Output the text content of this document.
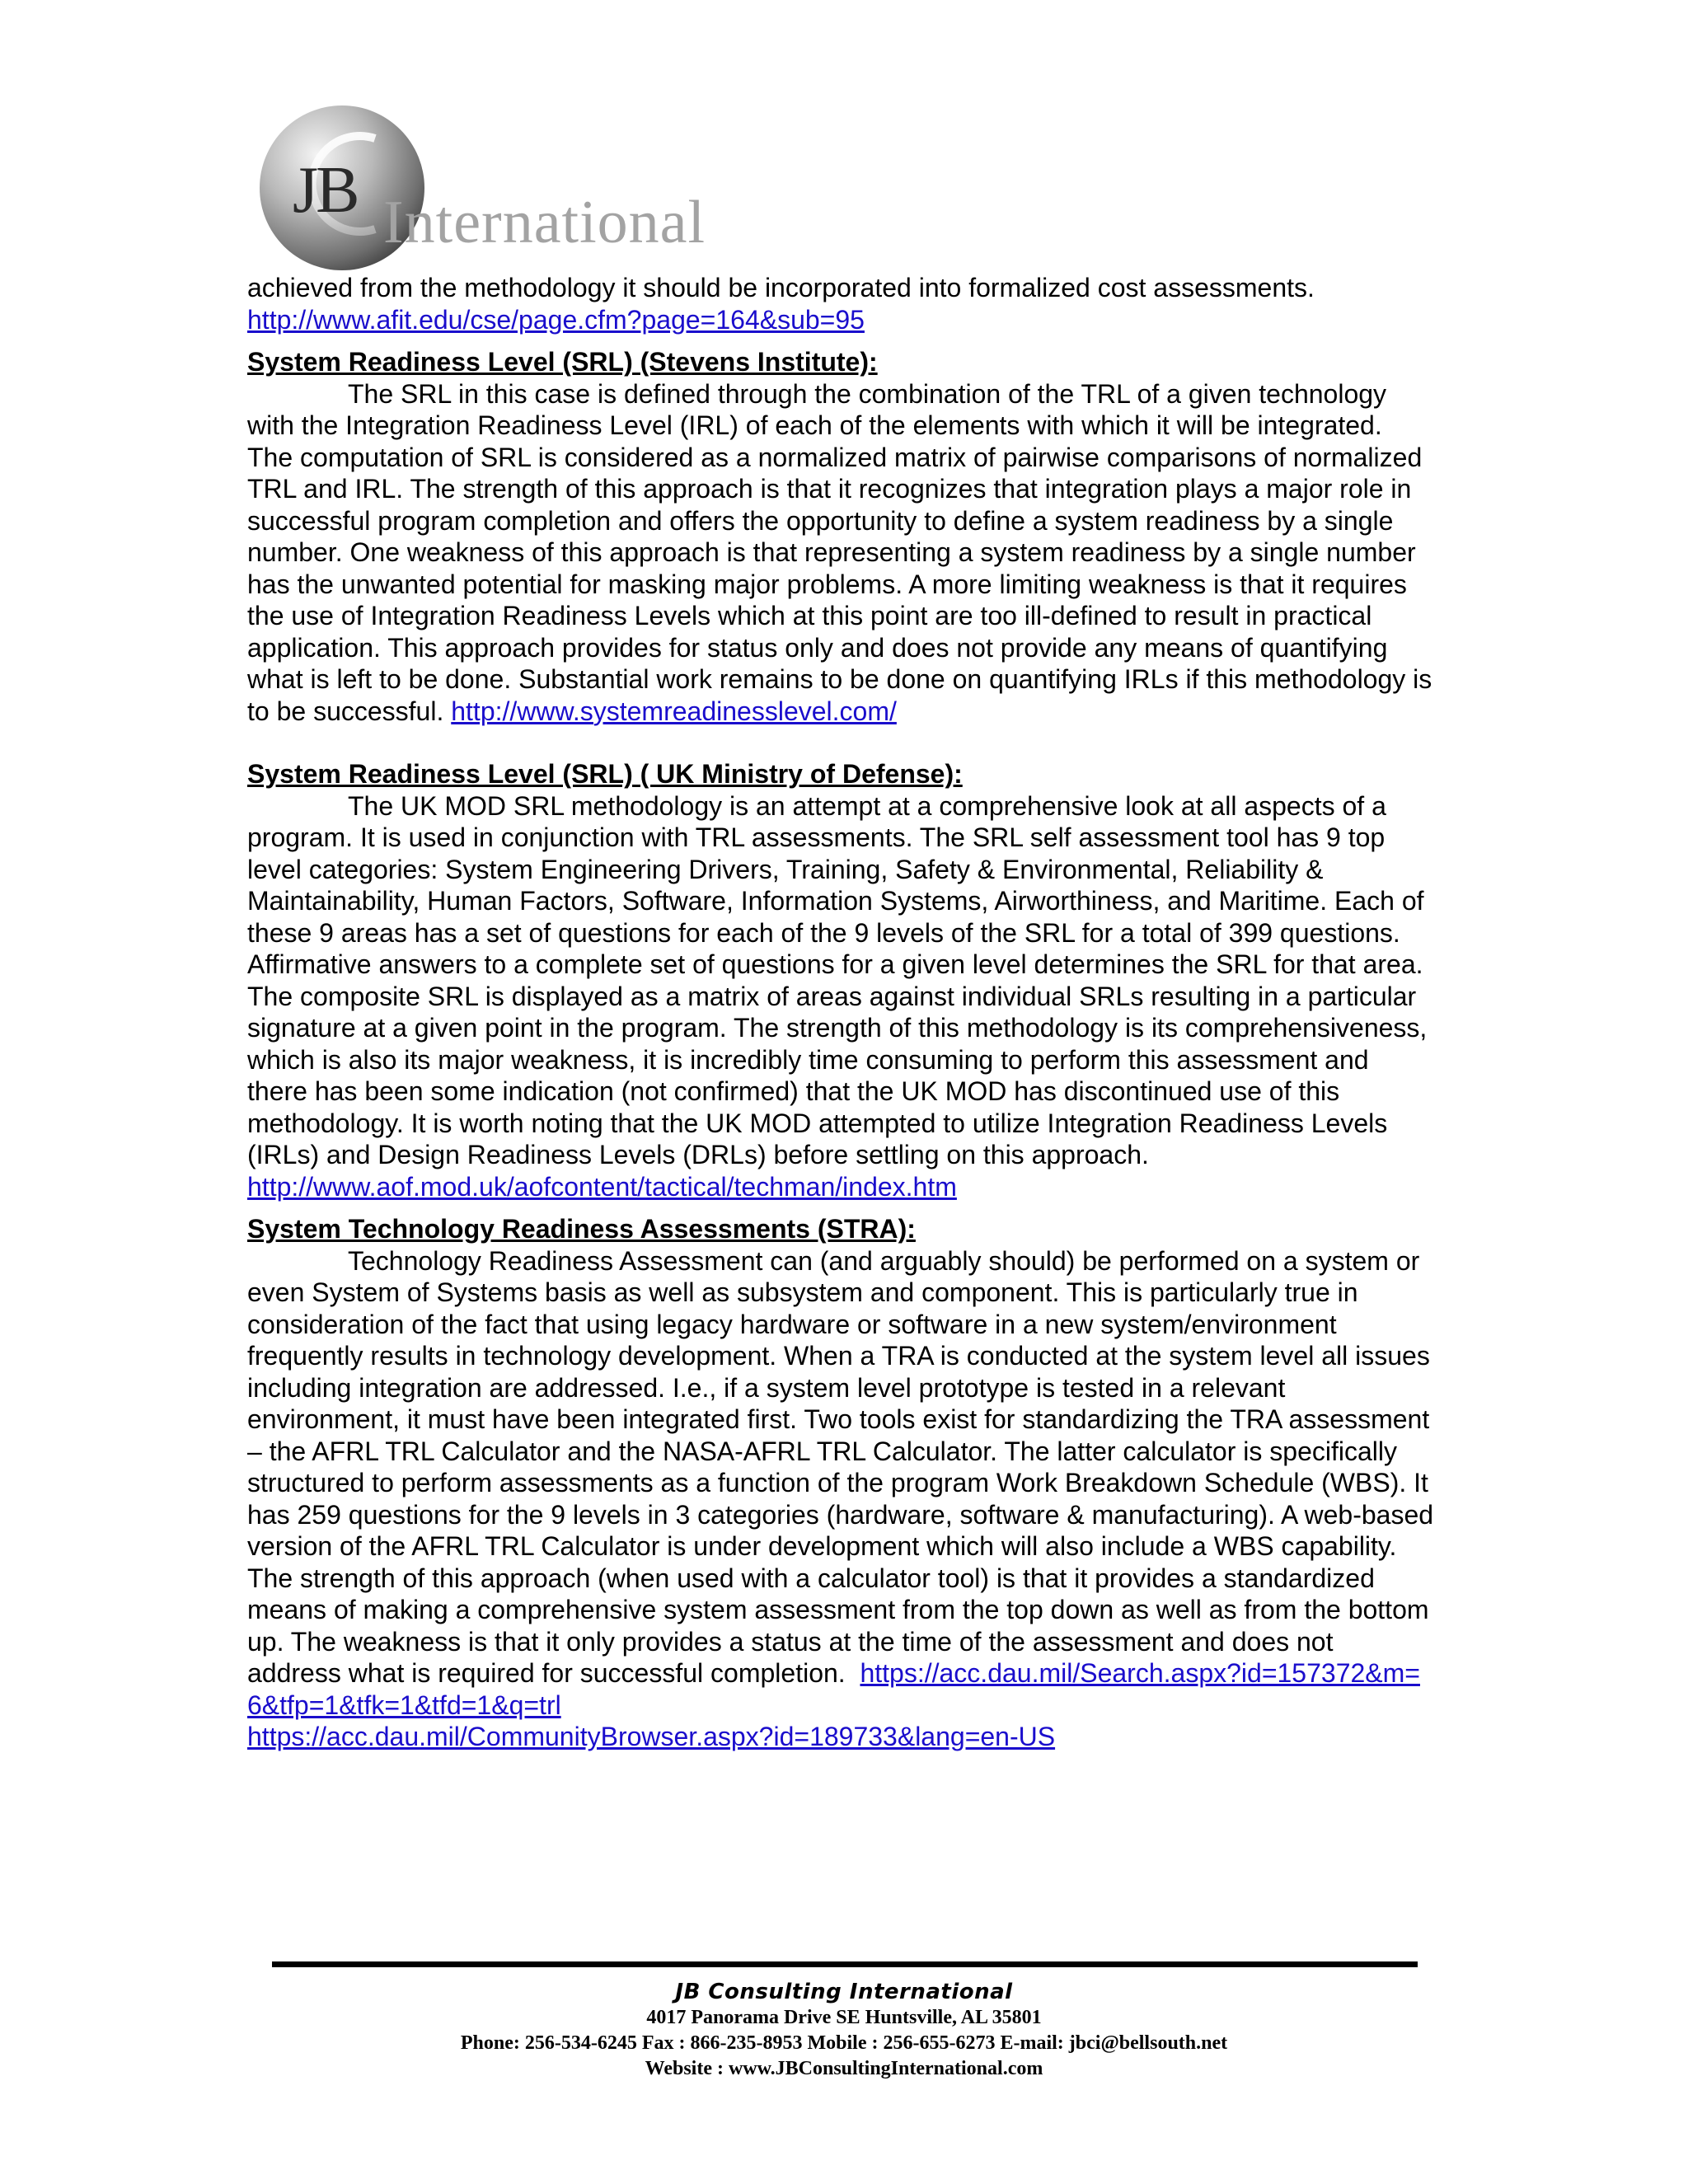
JB International

achieved from the methodology it should be incorporated into formalized cost assessments.
http://www.afit.edu/cse/page.cfm?page=164&sub=95

System Readiness Level (SRL) (Stevens Institute):

The SRL in this case is defined through the combination of the TRL of a given technology with the Integration Readiness Level (IRL) of each of the elements with which it will be integrated. The computation of SRL is considered as a normalized matrix of pairwise comparisons of normalized TRL and IRL. The strength of this approach is that it recognizes that integration plays a major role in successful program completion and offers the opportunity to define a system readiness by a single number. One weakness of this approach is that representing a system readiness by a single number has the unwanted potential for masking major problems. A more limiting weakness is that it requires the use of Integration Readiness Levels which at this point are too ill-defined to result in practical application. This approach provides for status only and does not provide any means of quantifying what is left to be done. Substantial work remains to be done on quantifying IRLs if this methodology is to be successful. http://www.systemreadinesslevel.com/

System Readiness Level (SRL) ( UK Ministry of Defense):

The UK MOD SRL methodology is an attempt at a comprehensive look at all aspects of a program. It is used in conjunction with TRL assessments. The SRL self assessment tool has 9 top level categories: System Engineering Drivers, Training, Safety & Environmental, Reliability & Maintainability, Human Factors, Software, Information Systems, Airworthiness, and Maritime. Each of these 9 areas has a set of questions for each of the 9 levels of the SRL for a total of 399 questions. Affirmative answers to a complete set of questions for a given level determines the SRL for that area. The composite SRL is displayed as a matrix of areas against individual SRLs resulting in a particular signature at a given point in the program. The strength of this methodology is its comprehensiveness, which is also its major weakness, it is incredibly time consuming to perform this assessment and there has been some indication (not confirmed) that the UK MOD has discontinued use of this methodology. It is worth noting that the UK MOD attempted to utilize Integration Readiness Levels (IRLs) and Design Readiness Levels (DRLs) before settling on this approach.  http://www.aof.mod.uk/aofcontent/tactical/techman/index.htm

System Technology Readiness Assessments (STRA):

Technology Readiness Assessment can (and arguably should) be performed on a system or even System of Systems basis as well as subsystem and component. This is particularly true in consideration of the fact that using legacy hardware or software in a new system/environment frequently results in technology development. When a TRA is conducted at the system level all issues including integration are addressed. I.e., if a system level prototype is tested in a relevant environment, it must have been integrated first. Two tools exist for standardizing the TRA assessment – the AFRL TRL Calculator and the NASA-AFRL TRL Calculator. The latter calculator is specifically structured to perform assessments as a function of the program Work Breakdown Schedule (WBS). It has 259 questions for the 9 levels in 3 categories (hardware, software & manufacturing). A web-based version of the AFRL TRL Calculator is under development which will also include a WBS capability. The strength of this approach (when used with a calculator tool) is that it provides a standardized means of making a comprehensive system assessment from the top down as well as from the bottom up. The weakness is that it only provides a status at the time of the assessment and does not address what is required for successful completion. https://acc.dau.mil/Search.aspx?id=157372&m=6&tfp=1&tfk=1&tfd=1&q=trl
https://acc.dau.mil/CommunityBrowser.aspx?id=189733&lang=en-US

JB Consulting International
4017 Panorama Drive SE Huntsville, AL 35801
Phone: 256-534-6245 Fax : 866-235-8953 Mobile : 256-655-6273 E-mail: jbci@bellsouth.net
Website : www.JBConsultingInternational.com
